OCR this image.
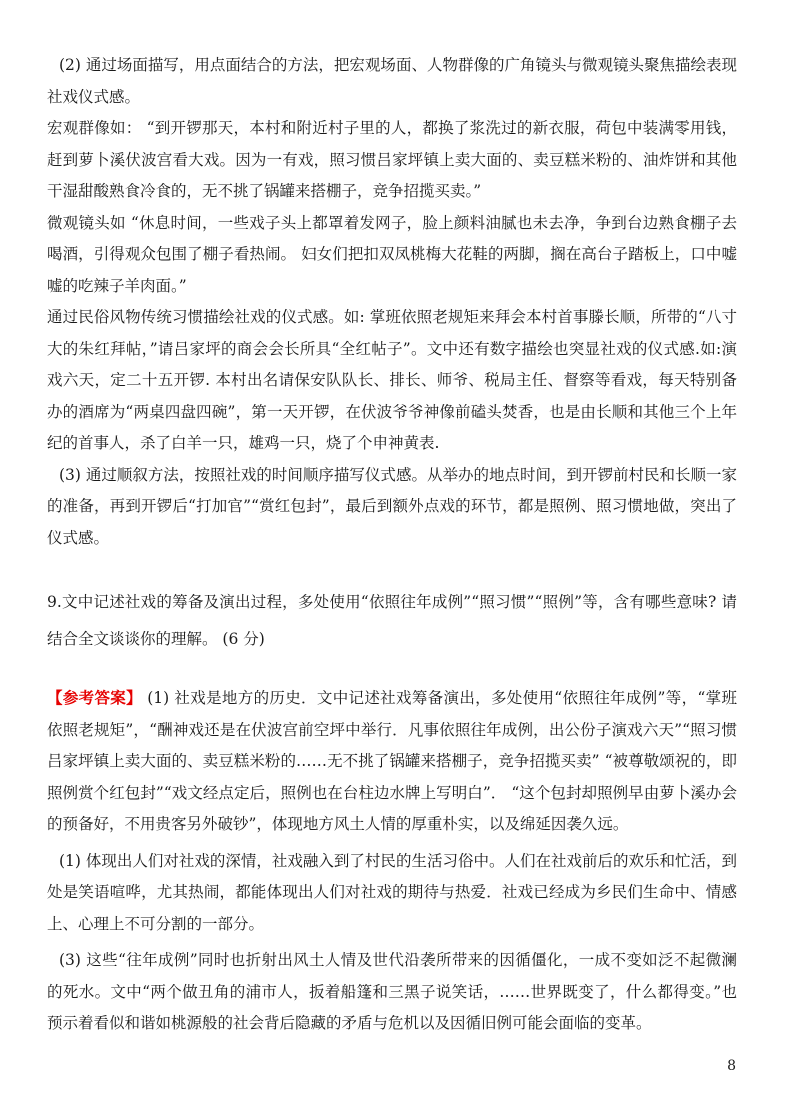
(2) 通过场面描写，用点面结合的方法，把宏观场面、人物群像的广角镜头与微观镜头聚焦描绘表现社戏仪式感。

宏观群像如： “到开锣那天，本村和附近村子里的人，都换了浆洗过的新衣服，荷包中装满零用钱，赶到萝卜溪伏波宫看大戏。因为一有戏，照习惯吕家坪镇上卖大面的、卖豆糕米粉的、油炸饼和其他干湿甜酸熟食冷食的，无不挑了锅罐来搭棚子，竞争招揽买卖。”

微观镜头如 “休息时间，一些戏子头上都罩着发网子，脸上颜料油腻也未去净，争到台边熟食棚子去喝酒，引得观众包围了棚子看热闹。 妇女们把扣双凤桃梅大花鞋的两脚，搁在高台子踏板上，口中嘘嘘的吃辣子羊肉面。”

通过民俗风物传统习惯描绘社戏的仪式感。如: 掌班依照老规矩来拜会本村首事滕长顺，所带的“八寸大的朱红拜帖，”请吕家坪的商会会长所具“全红帖子”。文中还有数字描绘也突显社戏的仪式感.如:演戏六天，定二十五开锣. 本村出名请保安队队长、排长、师爷、税局主任、督察等看戏，每天特别备办的酒席为“两桌四盘四碗”，第一天开锣，在伏波爷爷神像前磕头焚香，也是由长顺和其他三个上年纪的首事人，杀了白羊一只，雄鸡一只，烧了个申神黄表.

(3) 通过顺叙方法，按照社戏的时间顺序描写仪式感。从举办的地点时间，到开锣前村民和长顺一家的准备，再到开锣后“打加官”“赏红包封”，最后到额外点戏的环节，都是照例、照习惯地做，突出了仪式感。

9.文中记述社戏的筹备及演出过程，多处使用“依照往年成例”“照习惯”“照例”等，含有哪些意味? 请结合全文谈谈你的理解。 (6 分)

【参考答案】 (1) 社戏是地方的历史．文中记述社戏筹备演出，多处使用“依照往年成例”等，“掌班依照老规矩”，“酬神戏还是在伏波宫前空坪中举行．凡事依照往年成例，出公份子演戏六天”“照习惯吕家坪镇上卖大面的、卖豆糕米粉的……无不挑了锅罐来搭棚子，竞争招揽买卖” “被尊敬颂祝的，即照例赏个红包封”“戏文经点定后，照例也在台柱边水牌上写明白”． “这个包封却照例早由萝卜溪办会的预备好，不用贵客另外破钞”，体现地方风土人情的厚重朴实，以及绵延因袭久远。

(1) 体现出人们对社戏的深情，社戏融入到了村民的生活习俗中。人们在社戏前后的欢乐和忙活，到处是笑语喧哗，尤其热闹，都能体现出人们对社戏的期待与热爱．社戏已经成为乡民们生命中、情感上、心理上不可分割的一部分。

(3) 这些“往年成例”同时也折射出风土人情及世代沿袭所带来的因循僵化，一成不变如泛不起微澜的死水。文中“两个做丑角的浦市人，扳着船篷和三黑子说笑话，……世界既变了，什么都得变。”也预示着看似和谐如桃源般的社会背后隐藏的矛盾与危机以及因循旧例可能会面临的变革。

8
